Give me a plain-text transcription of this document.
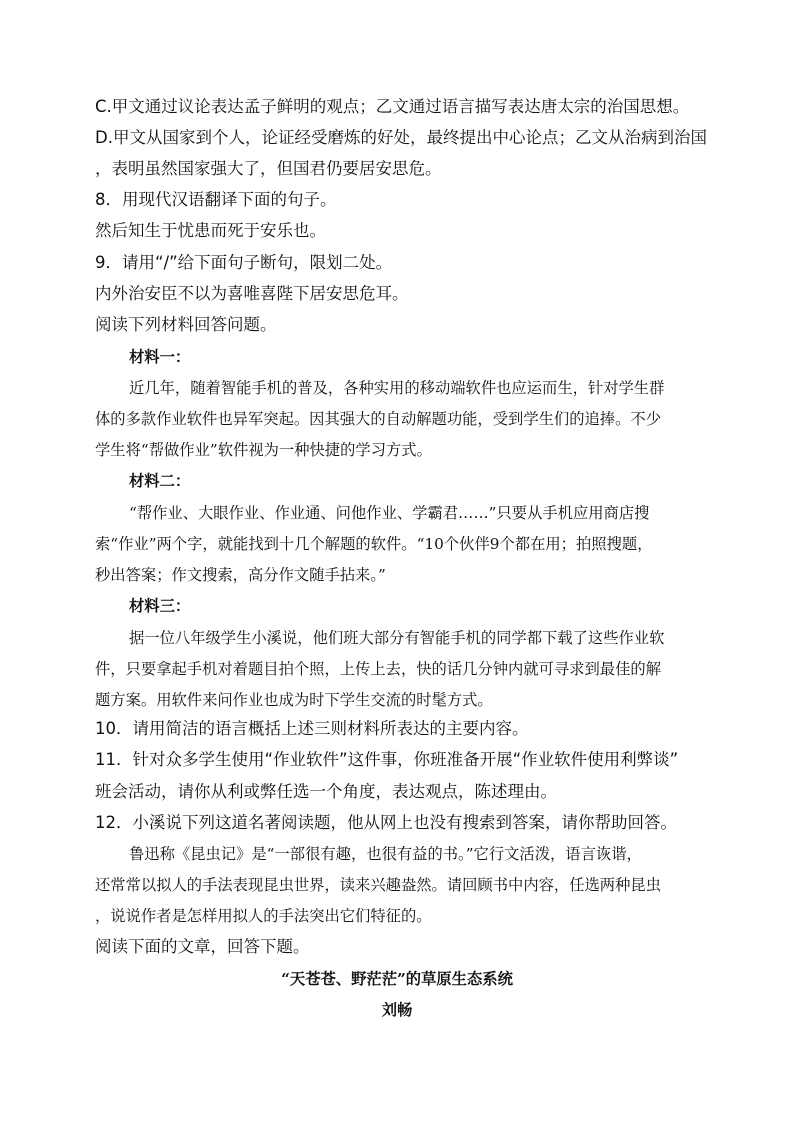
C.甲文通过议论表达孟子鲜明的观点；乙文通过语言描写表达唐太宗的治国思想。
D.甲文从国家到个人，论证经受磨炼的好处，最终提出中心论点；乙文从治病到治国
，表明虽然国家强大了，但国君仍要居安思危。
8．用现代汉语翻译下面的句子。
然后知生于忧患而死于安乐也。
9．请用“/”给下面句子断句，限划二处。
内外治安臣不以为喜唯喜陛下居安思危耳。
阅读下列材料回答问题。
材料一：
近几年，随着智能手机的普及，各种实用的移动端软件也应运而生，针对学生群
体的多款作业软件也异军突起。因其强大的自动解题功能，受到学生们的追捧。不少
学生将“帮做作业”软件视为一种快捷的学习方式。
材料二：
“帮作业、大眼作业、作业通、问他作业、学霸君……”只要从手机应用商店搜
索“作业”两个字，就能找到十几个解题的软件。“10个伙伴9个都在用；拍照搜题，
秒出答案；作文搜索，高分作文随手拈来。”
材料三：
据一位八年级学生小溪说，他们班大部分有智能手机的同学都下载了这些作业软
件，只要拿起手机对着题目拍个照，上传上去，快的话几分钟内就可寻求到最佳的解
题方案。用软件来问作业也成为时下学生交流的时髦方式。
10．请用简洁的语言概括上述三则材料所表达的主要内容。
11．针对众多学生使用“作业软件”这件事，你班准备开展“作业软件使用利弊谈”
班会活动，请你从利或弊任选一个角度，表达观点，陈述理由。
12．小溪说下列这道名著阅读题，他从网上也没有搜索到答案，请你帮助回答。
鲁迅称《昆虫记》是“一部很有趣，也很有益的书。”它行文活泼，语言诙谐，
还常常以拟人的手法表现昆虫世界，读来兴趣盎然。请回顾书中内容，任选两种昆虫
，说说作者是怎样用拟人的手法突出它们特征的。
阅读下面的文章，回答下题。
“天苍苍、野茫茫”的草原生态系统
刘畅
